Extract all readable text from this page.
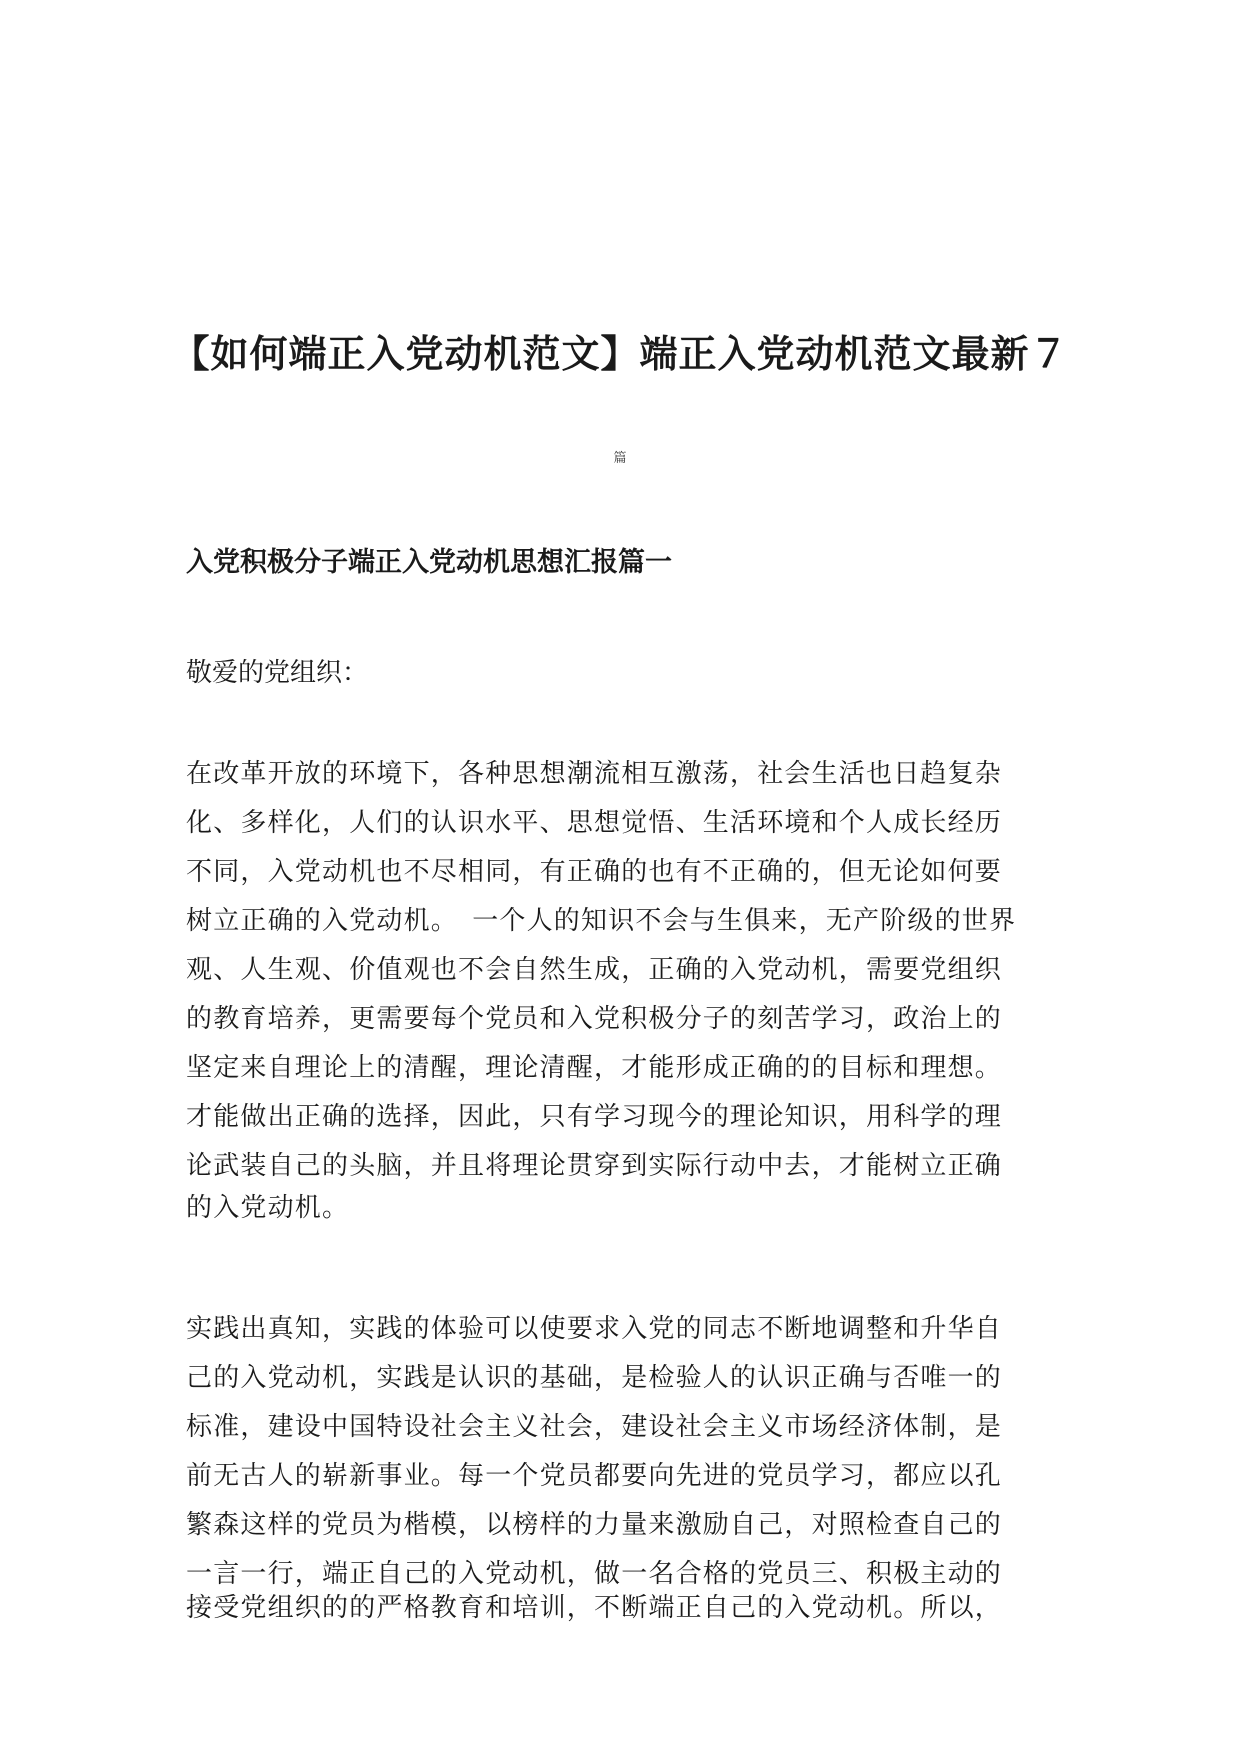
【如何端正入党动机范文】端正入党动机范文最新７
篇
入党积极分子端正入党动机思想汇报篇一
敬爱的党组织：
在改革开放的环境下，各种思想潮流相互激荡，社会生活也日趋复杂
化、多样化，人们的认识水平、思想觉悟、生活环境和个人成长经历
不同，入党动机也不尽相同，有正确的也有不正确的，但无论如何要
树立正确的入党动机。　一个人的知识不会与生俱来，无产阶级的世界
观、人生观、价值观也不会自然生成，正确的入党动机，需要党组织
的教育培养，更需要每个党员和入党积极分子的刻苦学习，政治上的
坚定来自理论上的清醒，理论清醒，才能形成正确的的目标和理想。
才能做出正确的选择，因此，只有学习现今的理论知识，用科学的理
论武装自己的头脑，并且将理论贯穿到实际行动中去，才能树立正确
的入党动机。
实践出真知，实践的体验可以使要求入党的同志不断地调整和升华自
己的入党动机，实践是认识的基础，是检验人的认识正确与否唯一的
标准，建设中国特设社会主义社会，建设社会主义市场经济体制，是
前无古人的崭新事业。每一个党员都要向先进的党员学习，都应以孔
繁森这样的党员为楷模，以榜样的力量来激励自己，对照检查自己的
一言一行，端正自己的入党动机，做一名合格的党员三、积极主动的
接受党组织的的严格教育和培训，不断端正自己的入党动机。所以，
